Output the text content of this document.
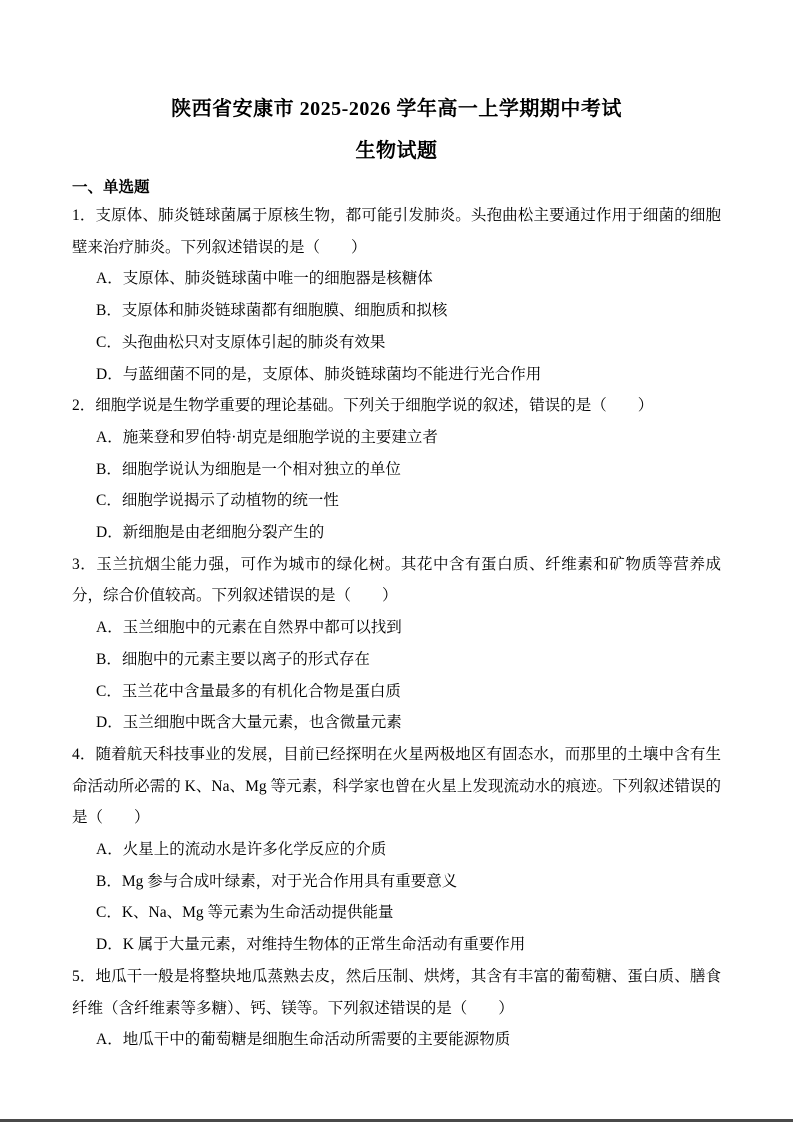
陕西省安康市 2025-2026 学年高一上学期期中考试
生物试题
一、单选题
1．支原体、肺炎链球菌属于原核生物，都可能引发肺炎。头孢曲松主要通过作用于细菌的细胞壁来治疗肺炎。下列叙述错误的是（　　）
A．支原体、肺炎链球菌中唯一的细胞器是核糖体
B．支原体和肺炎链球菌都有细胞膜、细胞质和拟核
C．头孢曲松只对支原体引起的肺炎有效果
D．与蓝细菌不同的是，支原体、肺炎链球菌均不能进行光合作用
2．细胞学说是生物学重要的理论基础。下列关于细胞学说的叙述，错误的是（　　）
A．施莱登和罗伯特·胡克是细胞学说的主要建立者
B．细胞学说认为细胞是一个相对独立的单位
C．细胞学说揭示了动植物的统一性
D．新细胞是由老细胞分裂产生的
3．玉兰抗烟尘能力强，可作为城市的绿化树。其花中含有蛋白质、纤维素和矿物质等营养成分，综合价值较高。下列叙述错误的是（　　）
A．玉兰细胞中的元素在自然界中都可以找到
B．细胞中的元素主要以离子的形式存在
C．玉兰花中含量最多的有机化合物是蛋白质
D．玉兰细胞中既含大量元素，也含微量元素
4．随着航天科技事业的发展，目前已经探明在火星两极地区有固态水，而那里的土壤中含有生命活动所必需的 K、Na、Mg 等元素，科学家也曾在火星上发现流动水的痕迹。下列叙述错误的是（　　）
A．火星上的流动水是许多化学反应的介质
B．Mg 参与合成叶绿素，对于光合作用具有重要意义
C．K、Na、Mg 等元素为生命活动提供能量
D．K 属于大量元素，对维持生物体的正常生命活动有重要作用
5．地瓜干一般是将整块地瓜蒸熟去皮，然后压制、烘烤，其含有丰富的葡萄糖、蛋白质、膳食纤维（含纤维素等多糖）、钙、镁等。下列叙述错误的是（　　）
A．地瓜干中的葡萄糖是细胞生命活动所需要的主要能源物质
